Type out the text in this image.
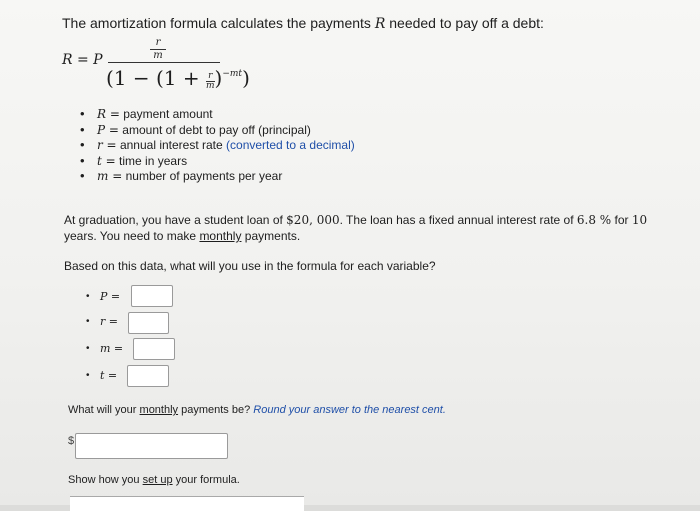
The amortization formula calculates the payments R needed to pay off a debt:
R = P
r
m
$(1 - (1 + \frac{r}{m})^{-mt})$
• R = payment amount
• P = amount of debt to pay off (principal)
• r = annual interest rate (converted to a decimal)
• t = time in years
• m = number of payments per year
At graduation, you have a student loan of $20, 000. The loan has a fixed annual interest rate of 6.8 % for 10 years. You need to make monthly payments.
Based on this data, what will you use in the formula for each variable?
• P =
• r =
• m =
• t =
What will your monthly payments be? Round your answer to the nearest cent.
$
Show how you set up your formula.
